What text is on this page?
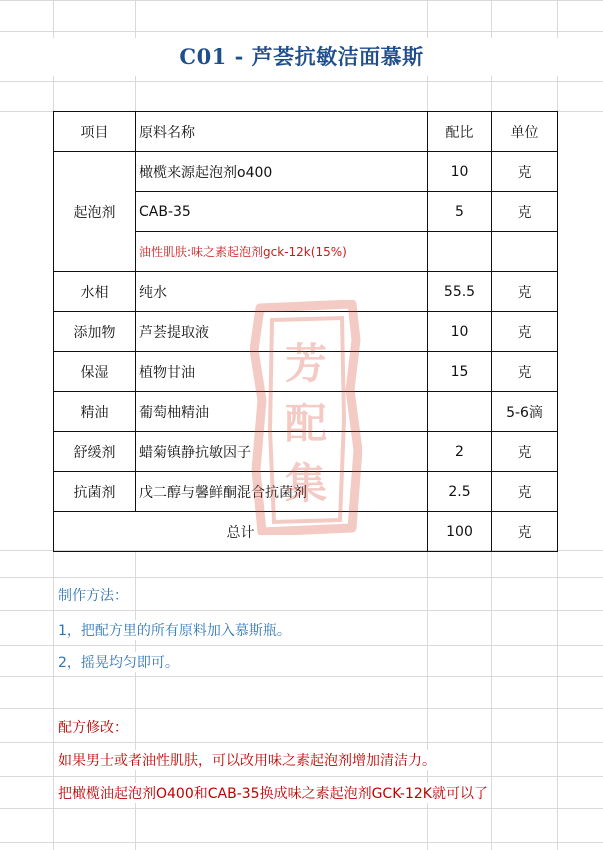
C01 - 芦荟抗敏洁面慕斯
项目	原料名称	配比	单位
起泡剂	橄榄来源起泡剂o400	10	克
	CAB-35	5	克
	油性肌肤:味之素起泡剂gck-12k(15%)		
水相	纯水	55.5	克
添加物	芦荟提取液	10	克
保湿	植物甘油	15	克
精油	葡萄柚精油		5-6滴
舒缓剂	蜡菊镇静抗敏因子	2	克
抗菌剂	戊二醇与馨鲜酮混合抗菌剂	2.5	克
总计		100	克
芳
配
集
制作方法：
1，把配方里的所有原料加入慕斯瓶。
2，摇晃均匀即可。
配方修改：
如果男士或者油性肌肤，可以改用味之素起泡剂增加清洁力。
把橄榄油起泡剂O400和CAB-35换成味之素起泡剂GCK-12K就可以了
